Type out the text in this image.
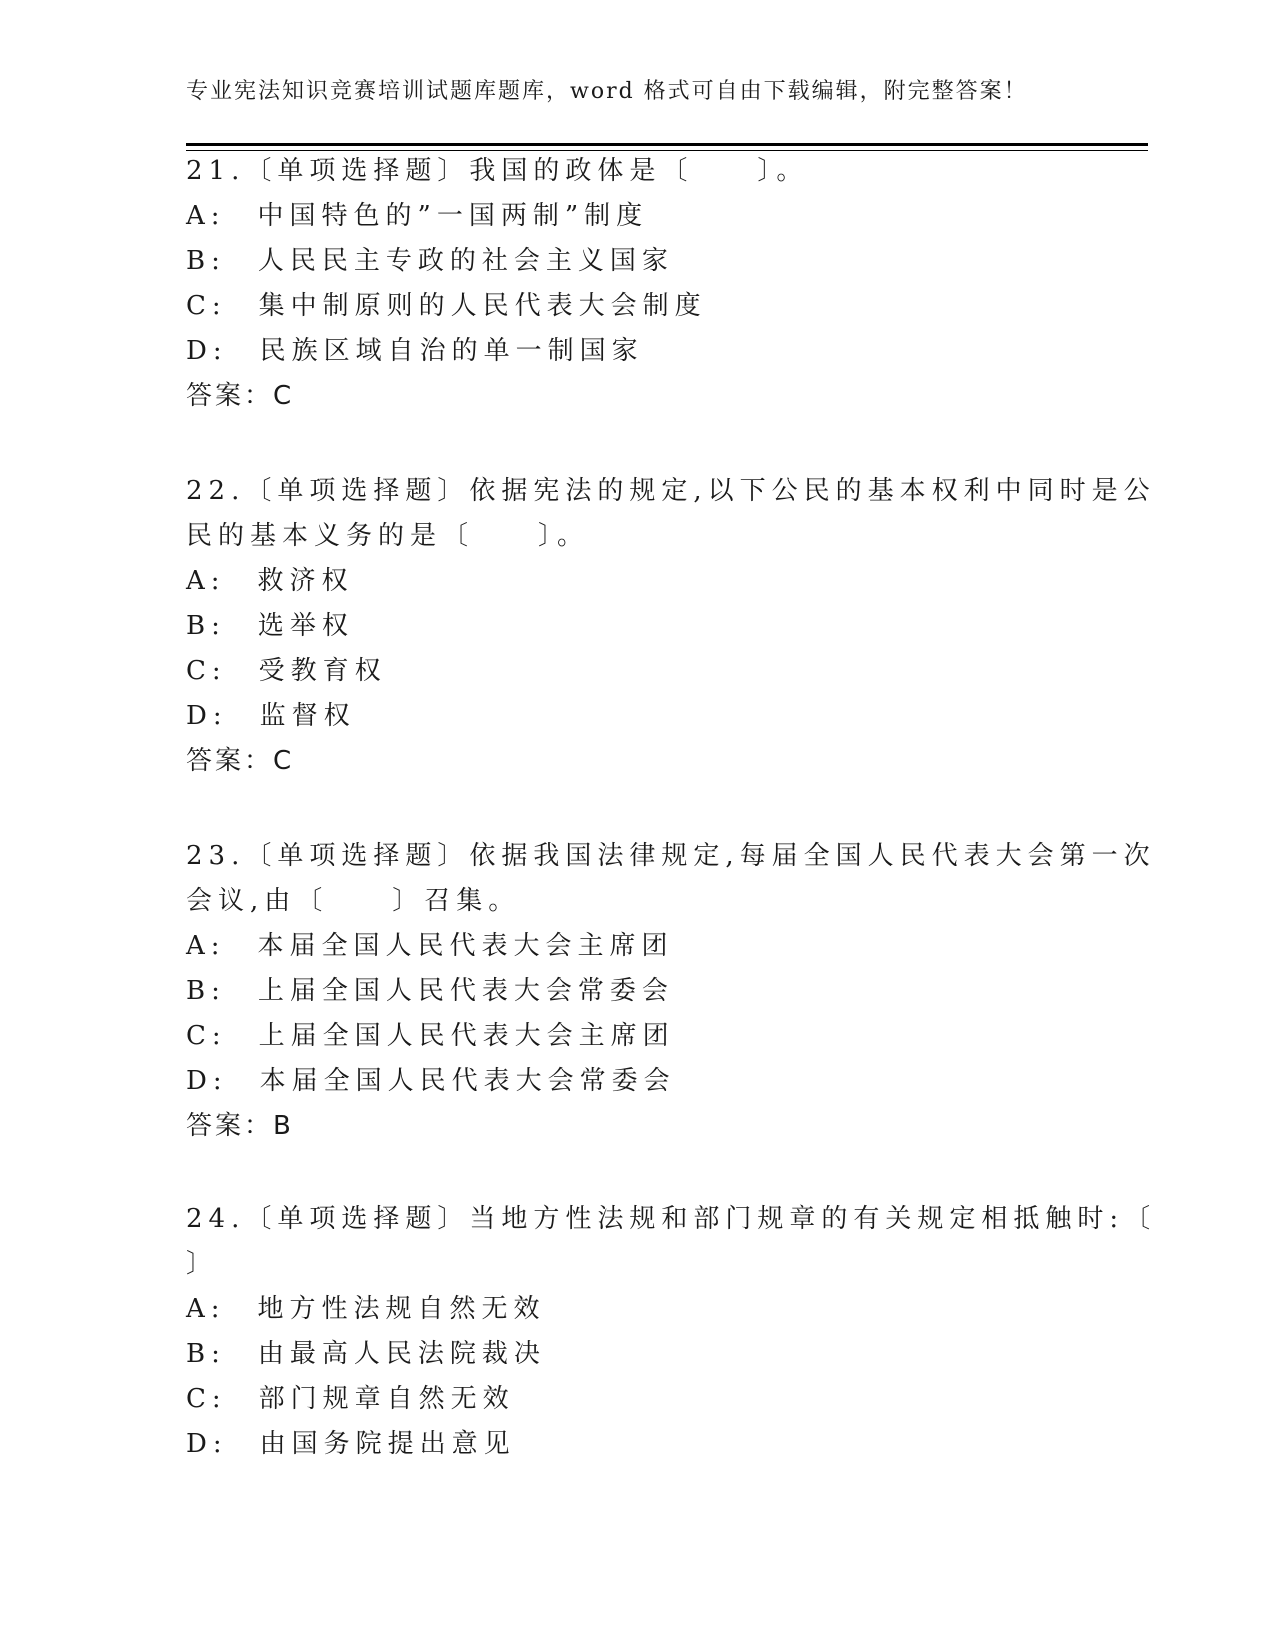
专业宪法知识竞赛培训试题库题库，word 格式可自由下载编辑，附完整答案！
21.〔单项选择题〕我国的政体是〔　　〕。
A:　中国特色的”一国两制”制度
B:　人民民主专政的社会主义国家
C:　集中制原则的人民代表大会制度
D:　民族区域自治的单一制国家
答案：C
22.〔单项选择题〕依据宪法的规定,以下公民的基本权利中同时是公
民的基本义务的是〔　　〕。
A:　救济权
B:　选举权
C:　受教育权
D:　监督权
答案：C
23.〔单项选择题〕依据我国法律规定,每届全国人民代表大会第一次
会议,由〔　　〕召集。
A:　本届全国人民代表大会主席团
B:　上届全国人民代表大会常委会
C:　上届全国人民代表大会主席团
D:　本届全国人民代表大会常委会
答案：B
24.〔单项选择题〕当地方性法规和部门规章的有关规定相抵触时:〔
〕
A:　地方性法规自然无效
B:　由最高人民法院裁决
C:　部门规章自然无效
D:　由国务院提出意见
